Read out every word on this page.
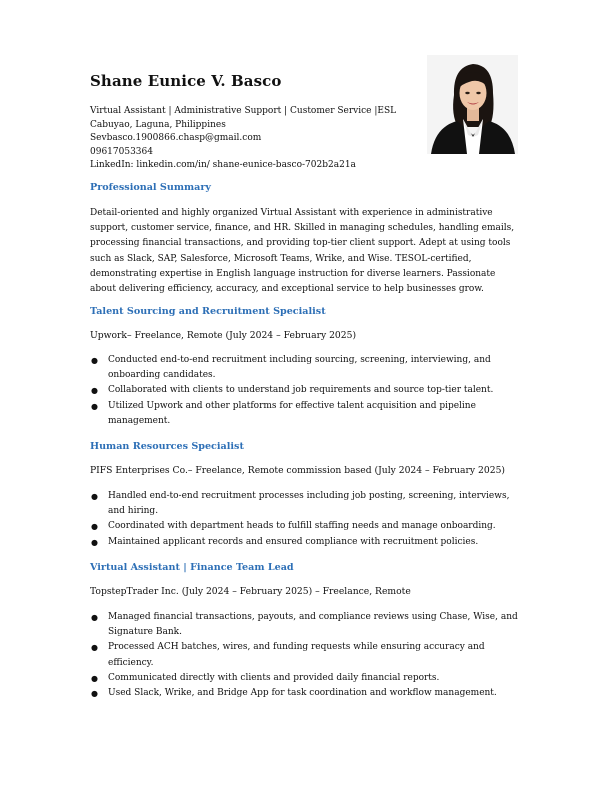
Shane Eunice V. Basco
Virtual Assistant | Administrative Support | Customer Service |ESL
Cabuyao, Laguna, Philippines
Sevbasco.1900866.chasp@gmail.com
09617053364
LinkedIn: linkedin.com/in/ shane-eunice-basco-702b2a21a
Professional Summary
Detail-oriented and highly organized Virtual Assistant with experience in administrative support, customer service, finance, and HR. Skilled in managing schedules, handling emails, processing financial transactions, and providing top-tier client support. Adept at using tools such as Slack, SAP, Salesforce, Microsoft Teams, Wrike, and Wise. TESOL-certified, demonstrating expertise in English language instruction for diverse learners. Passionate about delivering efficiency, accuracy, and exceptional service to help businesses grow.
Talent Sourcing and Recruitment Specialist
Upwork– Freelance, Remote (July 2024 – February 2025)
● Conducted end-to-end recruitment including sourcing, screening, interviewing, and onboarding candidates.
● Collaborated with clients to understand job requirements and source top-tier talent.
● Utilized Upwork and other platforms for effective talent acquisition and pipeline management.
Human Resources Specialist
PIFS Enterprises Co.– Freelance, Remote commission based (July 2024 – February 2025)
● Handled end-to-end recruitment processes including job posting, screening, interviews, and hiring.
● Coordinated with department heads to fulfill staffing needs and manage onboarding.
● Maintained applicant records and ensured compliance with recruitment policies.
Virtual Assistant | Finance Team Lead
TopstepTrader Inc. (July 2024 – February 2025) – Freelance, Remote
● Managed financial transactions, payouts, and compliance reviews using Chase, Wise, and Signature Bank.
● Processed ACH batches, wires, and funding requests while ensuring accuracy and efficiency.
● Communicated directly with clients and provided daily financial reports.
● Used Slack, Wrike, and Bridge App for task coordination and workflow management.
